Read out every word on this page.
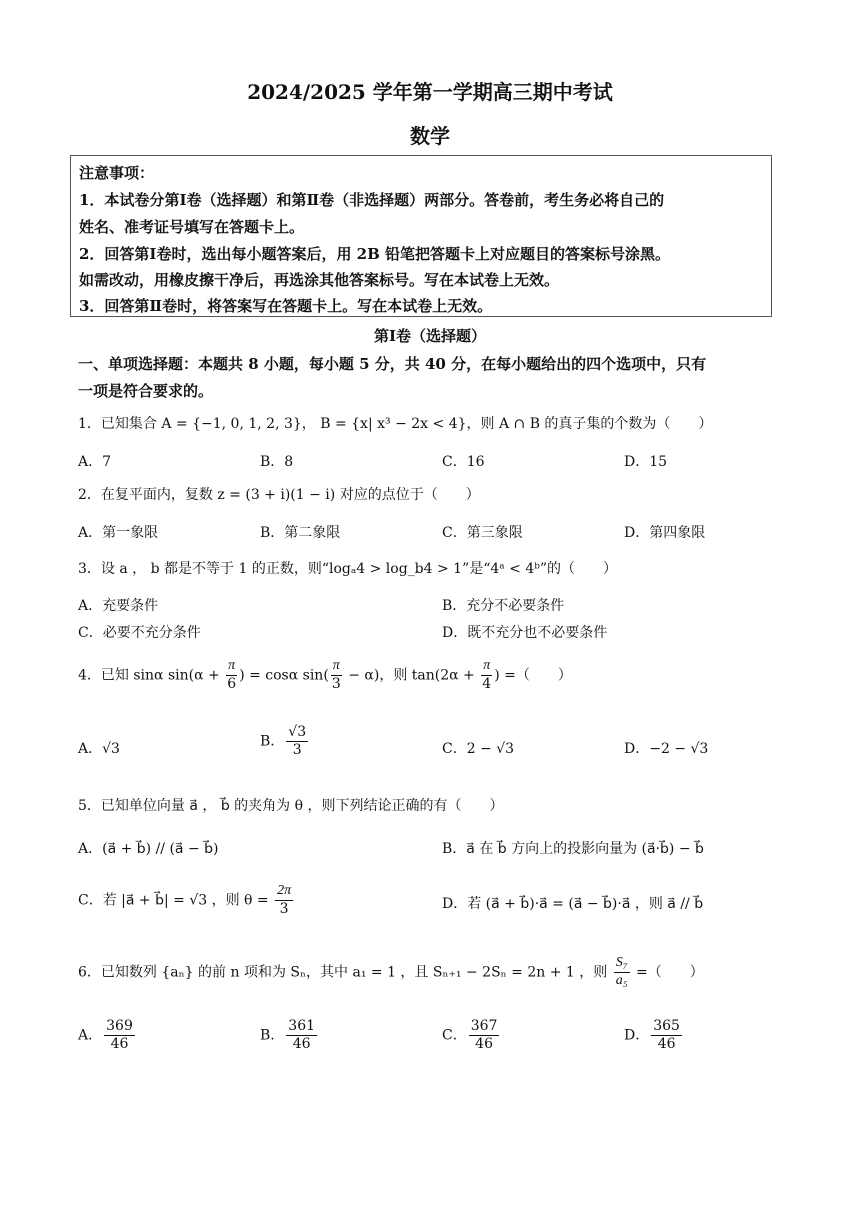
2024/2025 学年第一学期高三期中考试
数学
注意事项：
1．本试卷分第Ⅰ卷（选择题）和第Ⅱ卷（非选择题）两部分。答卷前，考生务必将自己的
姓名、准考证号填写在答题卡上。
2．回答第Ⅰ卷时，选出每小题答案后，用 2B 铅笔把答题卡上对应题目的答案标号涂黑。
如需改动，用橡皮擦干净后，再选涂其他答案标号。写在本试卷上无效。
3．回答第Ⅱ卷时，将答案写在答题卡上。写在本试卷上无效。
第Ⅰ卷（选择题）
一、单项选择题：本题共 8 小题，每小题 5 分，共 40 分，在每小题给出的四个选项中，只有
一项是符合要求的。
1．已知集合 A = {−1, 0, 1, 2, 3}， B = {x| x³ − 2x < 4}，则 A ∩ B 的真子集的个数为（　　）
A．7	B．8	C．16	D．15
2．在复平面内，复数 z = (3 + i)(1 − i) 对应的点位于（　　）
A．第一象限	B．第二象限	C．第三象限	D．第四象限
3．设 a ， b 都是不等于 1 的正数，则“logₐ4 > log_b4 > 1”是“4ᵃ < 4ᵇ”的（　　）
A．充要条件	B．充分不必要条件
C．必要不充分条件	D．既不充分也不必要条件
4．已知 sinα $\sin(\alpha + \frac{\pi}{6}$ ) = cosα $\sin( \frac{\pi}{3} - \alpha)$，则 $\tan(2\alpha + \frac{\pi}{4}$ ) =（　　）
A．√3	B． $\frac{√3}{3}$	C．2 − √3	D．−2 − √3
5．已知单位向量 a⃗ ， b⃗ 的夹角为 θ ，则下列结论正确的有（　　）
A．(a⃗ + b⃗) // (a⃗ − b⃗)	B．a⃗ 在 b⃗ 方向上的投影向量为 (a⃗·b⃗) − b⃗
C．若 |a⃗ + b⃗| = √3 ，则 $\theta = \frac{2\pi}{3}$	D．若 (a⃗ + b⃗)·a⃗ = (a⃗ − b⃗)·a⃗ ，则 a⃗ // b⃗
6．已知数列 {aₙ} 的前 n 项和为 Sₙ，其中 a₁ = 1 ，且 Sₙ₊₁ − 2Sₙ = 2n + 1 ，则 $\frac{\text{S₇}}{\text{a₅}}$ =（　　）
A． $\frac{369}{46}$	B． $\frac{361}{46}$	C． $\frac{367}{46}$	D． $\frac{365}{46}$
